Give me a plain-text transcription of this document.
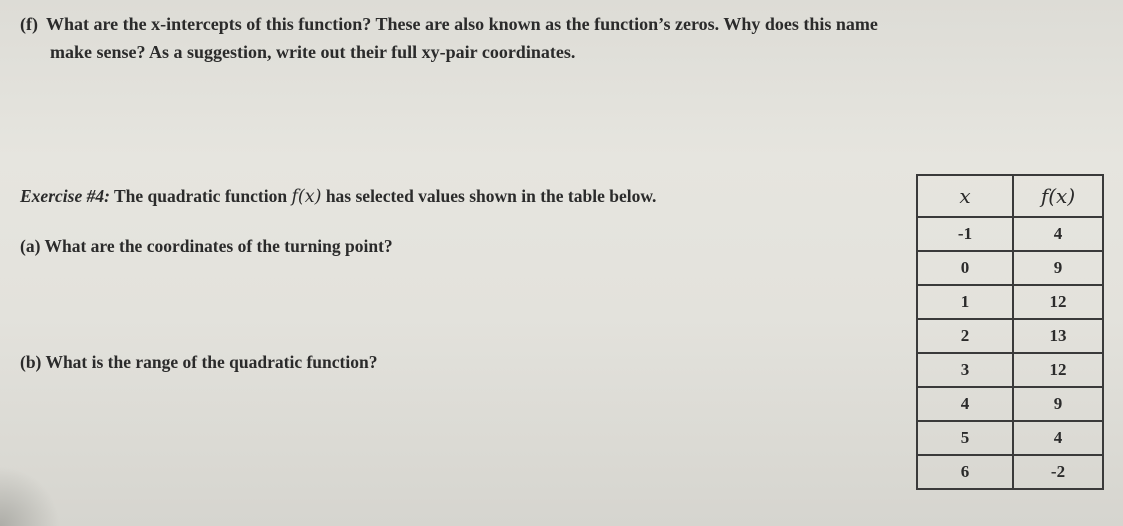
(f) What are the x-intercepts of this function? These are also known as the function’s zeros. Why does this name
make sense? As a suggestion, write out their full xy-pair coordinates.
Exercise #4: The quadratic function f(x) has selected values shown in the table below.
(a) What are the coordinates of the turning point?
(b) What is the range of the quadratic function?
x	f(x)
-1	4
0	9
1	12
2	13
3	12
4	9
5	4
6	-2
